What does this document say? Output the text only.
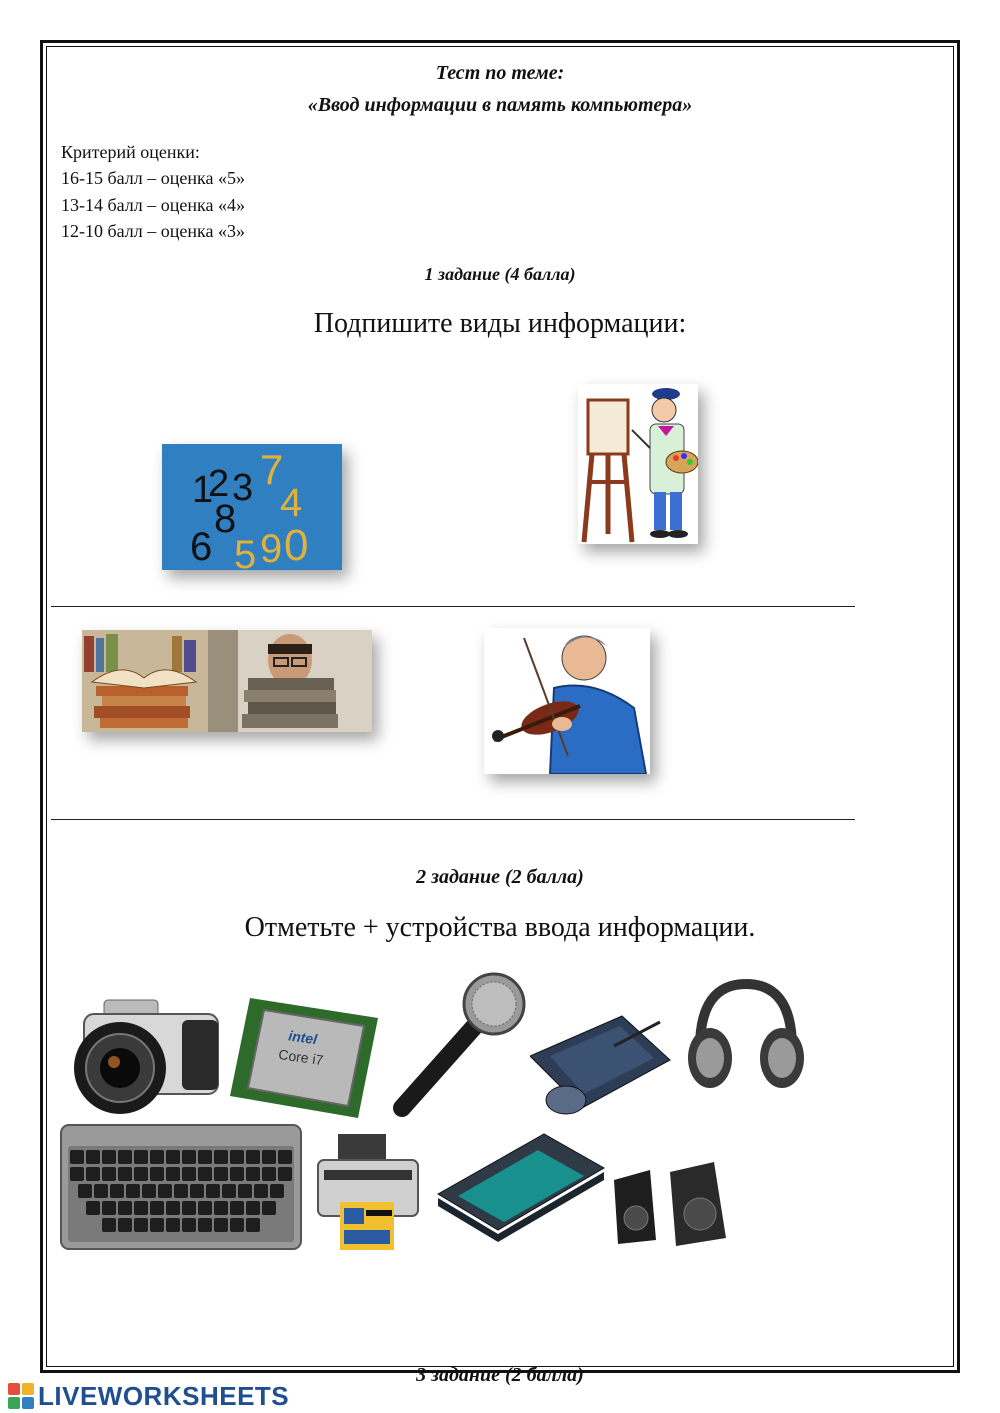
Тест по теме:
«Ввод информации в память компьютера»
Критерий оценки:
16-15 балл – оценка «5»
13-14 балл – оценка «4»
12-10 балл – оценка «3»
1 задание (4 балла)
Подпишите виды информации:
1
2 3 7
4
8
6 5 9 0
2 задание (2 балла)
Отметьте + устройства ввода информации.
intel
Core i7
3 задание (2 балла)
LIVEWORKSHEETS
